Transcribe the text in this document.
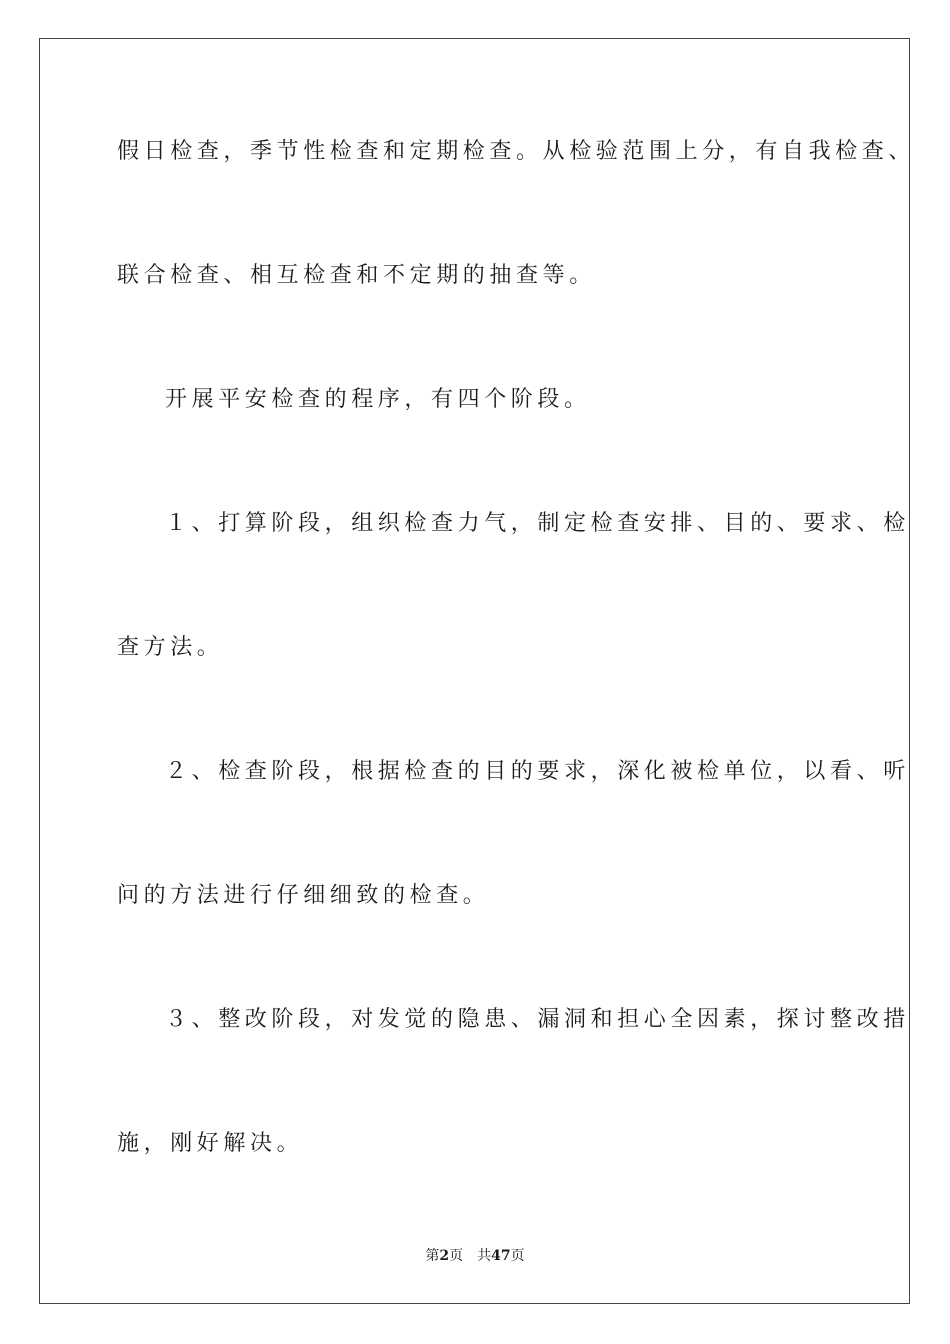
假日检查，季节性检查和定期检查。从检验范围上分，有自我检查、
联合检查、相互检查和不定期的抽查等。
开展平安检查的程序，有四个阶段。
１、打算阶段，组织检查力气，制定检查安排、目的、要求、检
查方法。
２、检查阶段，根据检查的目的要求，深化被检单位，以看、听
问的方法进行仔细细致的检查。
３、整改阶段，对发觉的隐患、漏洞和担心全因素，探讨整改措
施，刚好解决。
第2页 共47页
